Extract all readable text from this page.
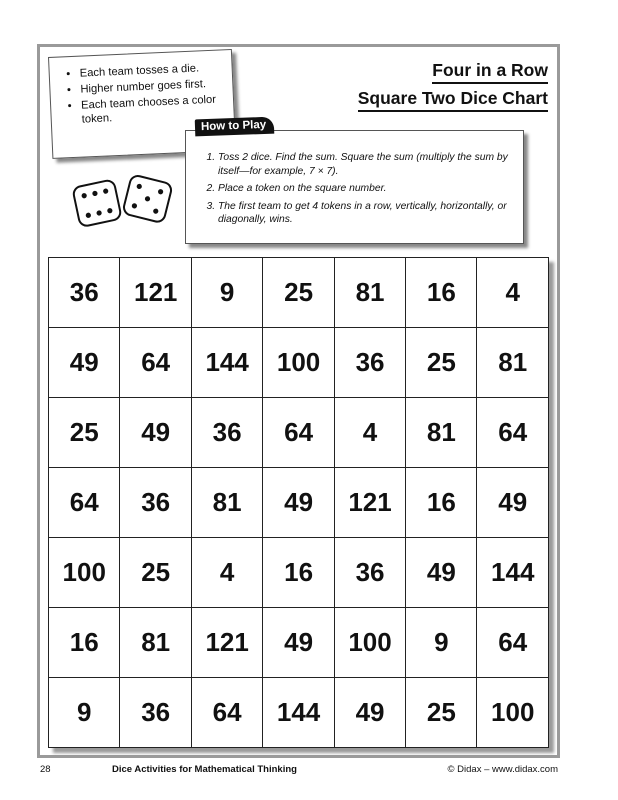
• Each team tosses a die.
• Higher number goes first.
• Each team chooses a color token.
Four in a Row
Square Two Dice Chart
1. Toss 2 dice. Find the sum. Square the sum (multiply the sum by itself—for example, 7 × 7).
2. Place a token on the square number.
3. The first team to get 4 tokens in a row, vertically, horizontally, or diagonally, wins.
How to Play
36	121	9	25	81	16	4
49	64	144	100	36	25	81
25	49	36	64	4	81	64
64	36	81	49	121	16	49
100	25	4	16	36	49	144
16	81	121	49	100	9	64
9	36	64	144	49	25	100
28	Dice Activities for Mathematical Thinking	© Didax – www.didax.com
